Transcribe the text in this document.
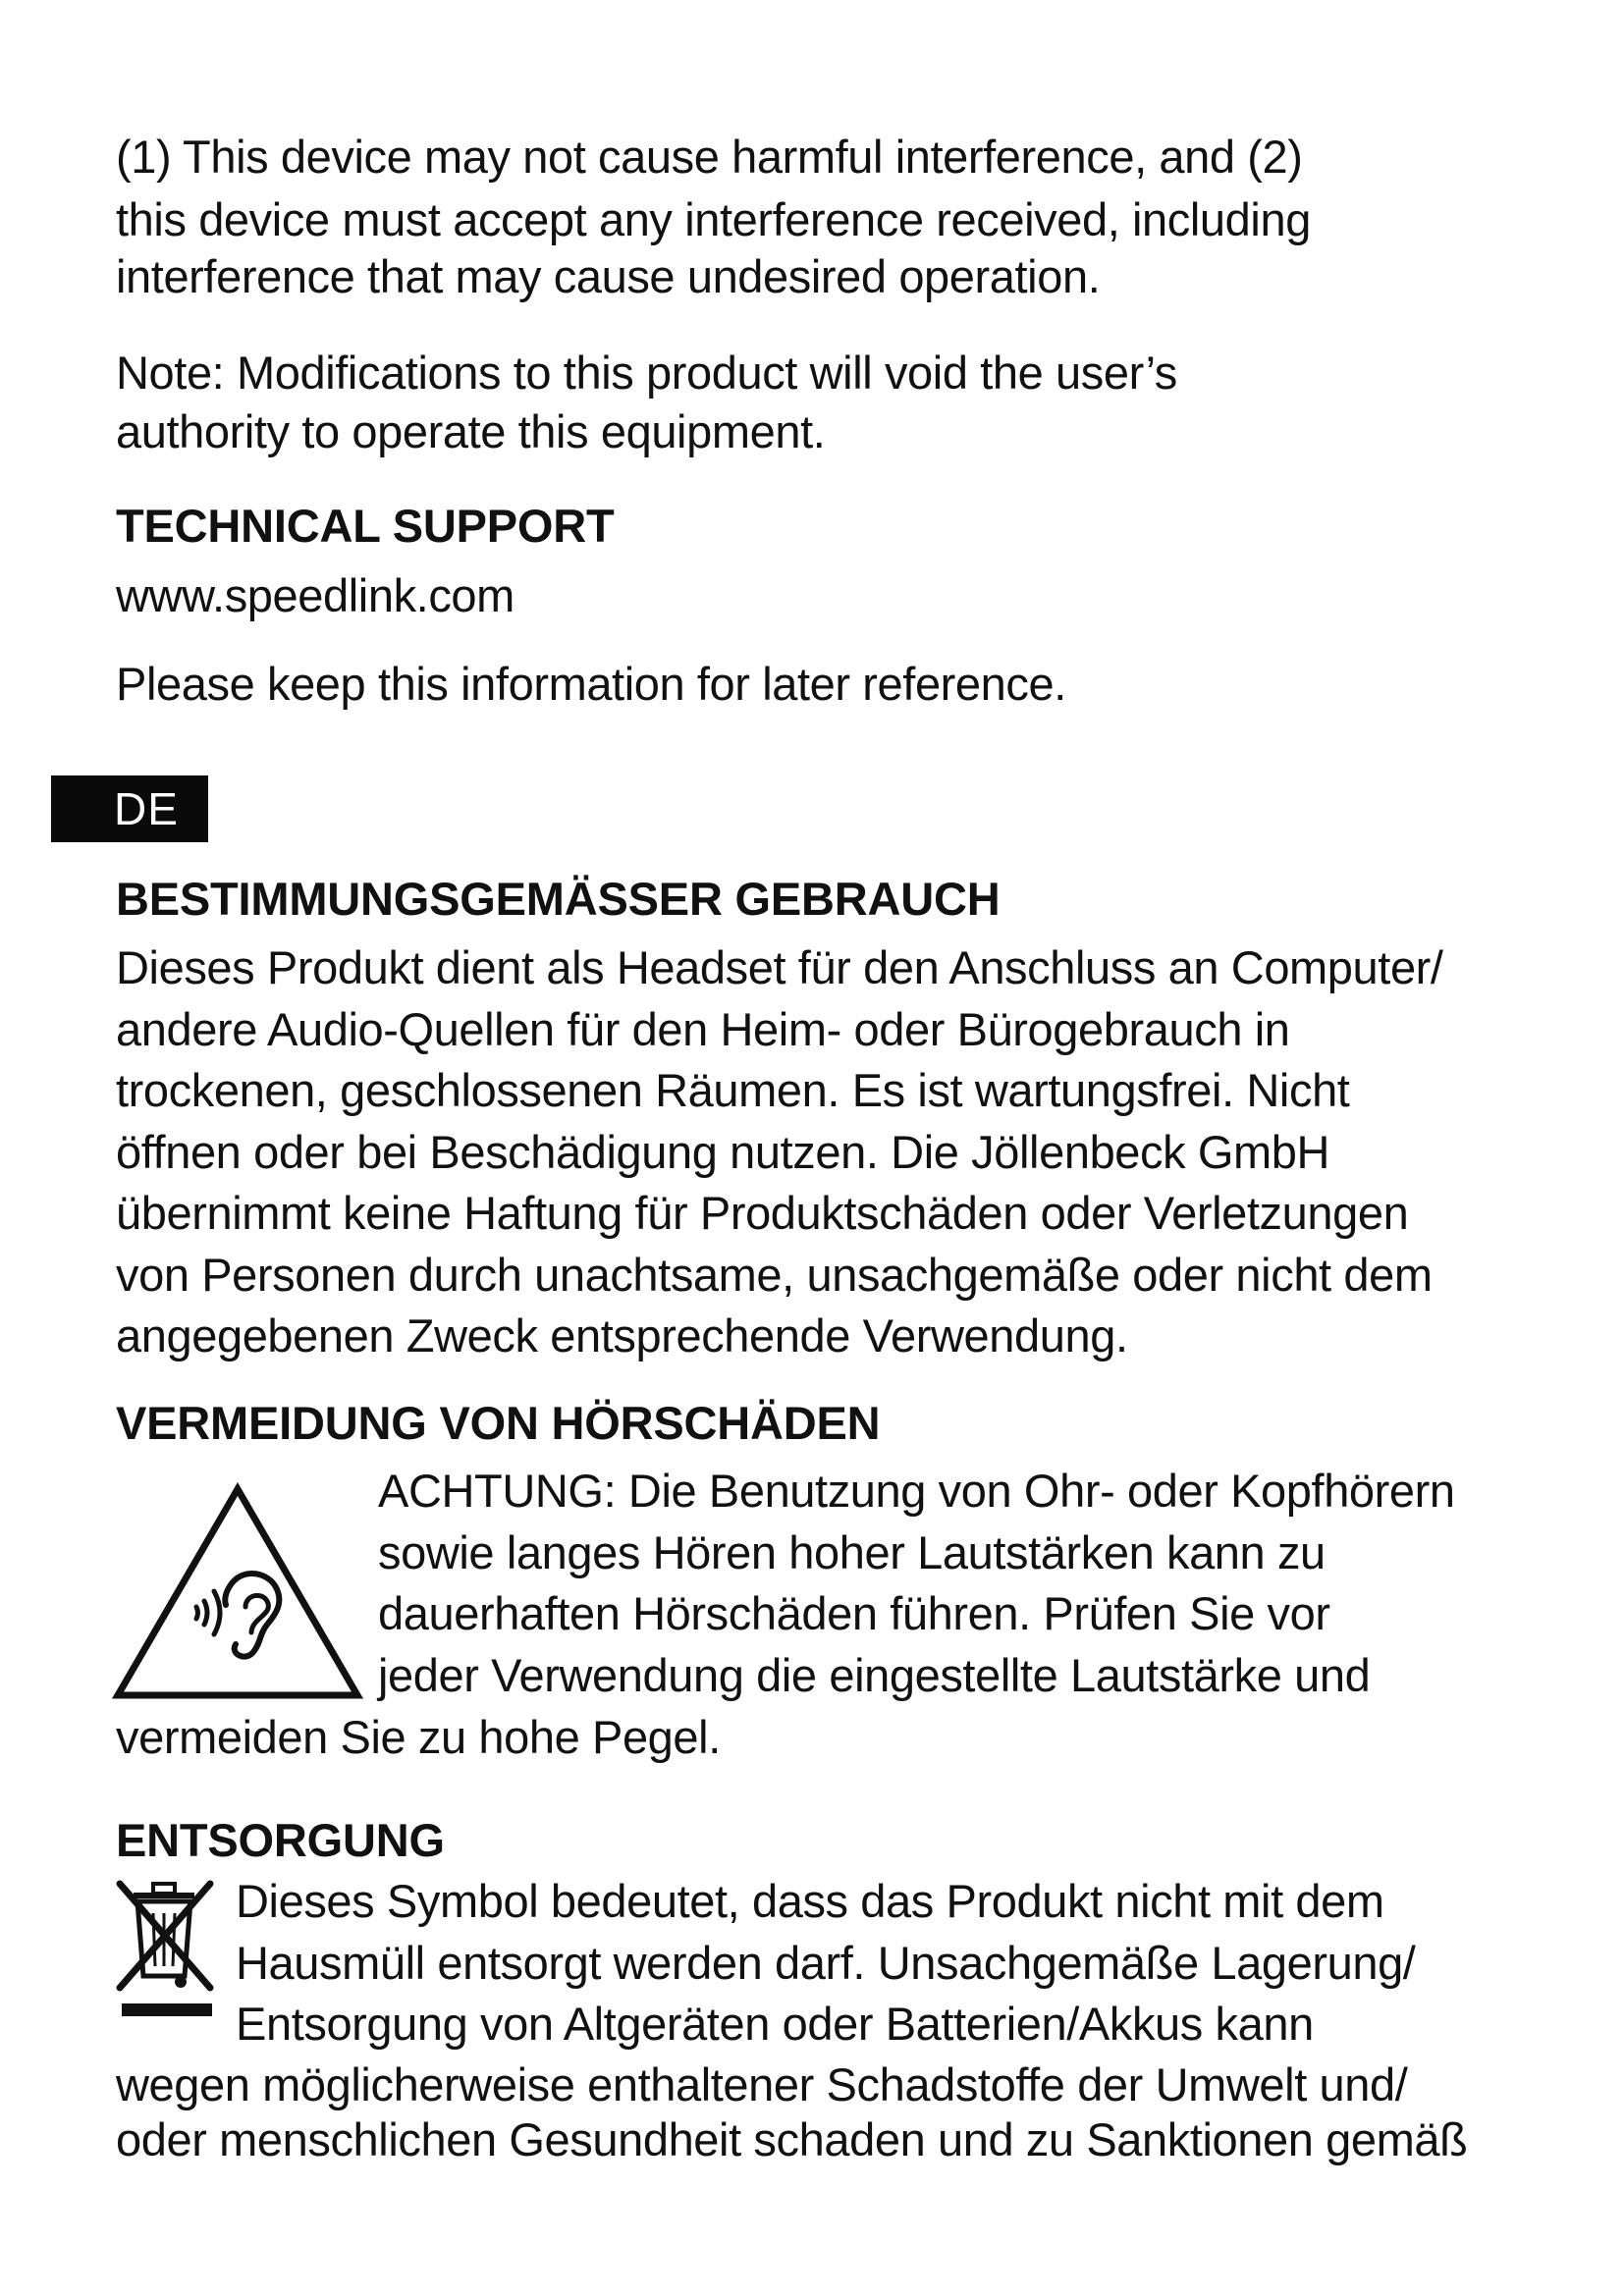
(1) This device may not cause harmful interference, and (2)
this device must accept any interference received, including
interference that may cause undesired operation.
Note: Modifications to this product will void the user’s
authority to operate this equipment.
TECHNICAL SUPPORT
www.speedlink.com
Please keep this information for later reference.
DE
BESTIMMUNGSGEMÄSSER GEBRAUCH
Dieses Produkt dient als Headset für den Anschluss an Computer/
andere Audio-Quellen für den Heim- oder Bürogebrauch in
trockenen, geschlossenen Räumen. Es ist wartungsfrei. Nicht
öffnen oder bei Beschädigung nutzen. Die Jöllenbeck GmbH
übernimmt keine Haftung für Produktschäden oder Verletzungen
von Personen durch unachtsame, unsachgemäße oder nicht dem
angegebenen Zweck entsprechende Verwendung.
VERMEIDUNG VON HÖRSCHÄDEN
ACHTUNG: Die Benutzung von Ohr- oder Kopfhörern
sowie langes Hören hoher Lautstärken kann zu
dauerhaften Hörschäden führen. Prüfen Sie vor
jeder Verwendung die eingestellte Lautstärke und
vermeiden Sie zu hohe Pegel.
ENTSORGUNG
Dieses Symbol bedeutet, dass das Produkt nicht mit dem
Hausmüll entsorgt werden darf. Unsachgemäße Lagerung/
Entsorgung von Altgeräten oder Batterien/Akkus kann
wegen möglicherweise enthaltener Schadstoffe der Umwelt und/
oder menschlichen Gesundheit schaden und zu Sanktionen gemäß
